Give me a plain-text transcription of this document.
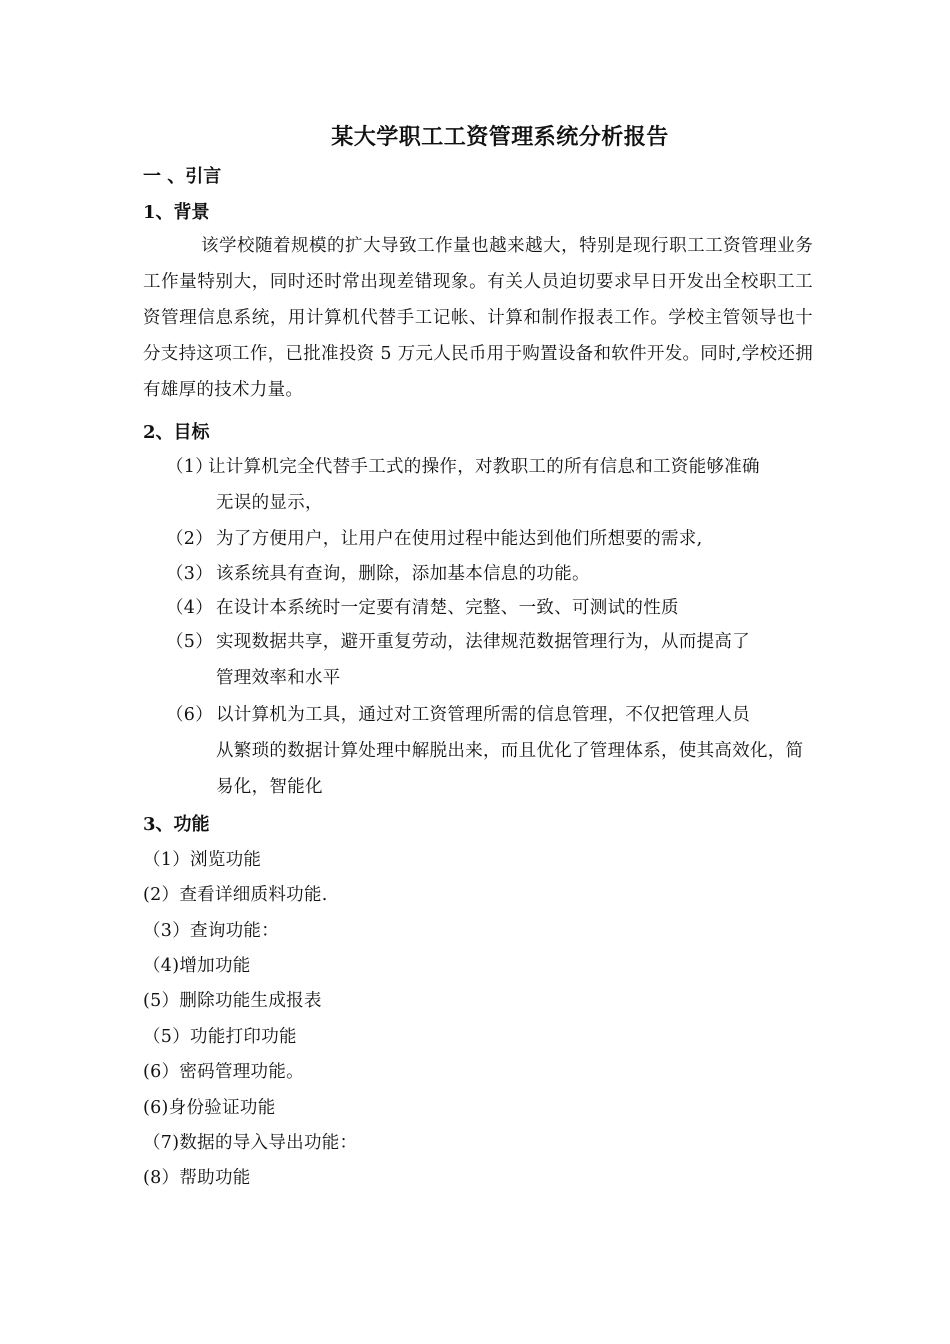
某大学职工工资管理系统分析报告
一 、引言
1、背景
该学校随着规模的扩大导致工作量也越来越大，特别是现行职工工资管理业务工作量特别大，同时还时常出现差错现象。有关人员迫切要求早日开发出全校职工工资管理信息系统，用计算机代替手工记帐、计算和制作报表工作。学校主管领导也十分支持这项工作，已批准投资 5 万元人民币用于购置设备和软件开发。同时,学校还拥有雄厚的技术力量。
2、目标
（1）让计算机完全代替手工式的操作，对教职工的所有信息和工资能够准确
无误的显示，
（2） 为了方便用户，让用户在使用过程中能达到他们所想要的需求,
（3） 该系统具有查询，删除，添加基本信息的功能。
（4） 在设计本系统时一定要有清楚、完整、一致、可测试的性质
（5） 实现数据共享，避开重复劳动，法律规范数据管理行为，从而提高了
管理效率和水平
（6） 以计算机为工具，通过对工资管理所需的信息管理，不仅把管理人员
从繁琐的数据计算处理中解脱出来，而且优化了管理体系，使其高效化，简易化，智能化
3、功能
（1）浏览功能
(2）查看详细质料功能.
（3）查询功能：
（4)增加功能
(5）删除功能生成报表
（5）功能打印功能
(6）密码管理功能。
(6)身份验证功能
（7)数据的导入导出功能：
(8）帮助功能
